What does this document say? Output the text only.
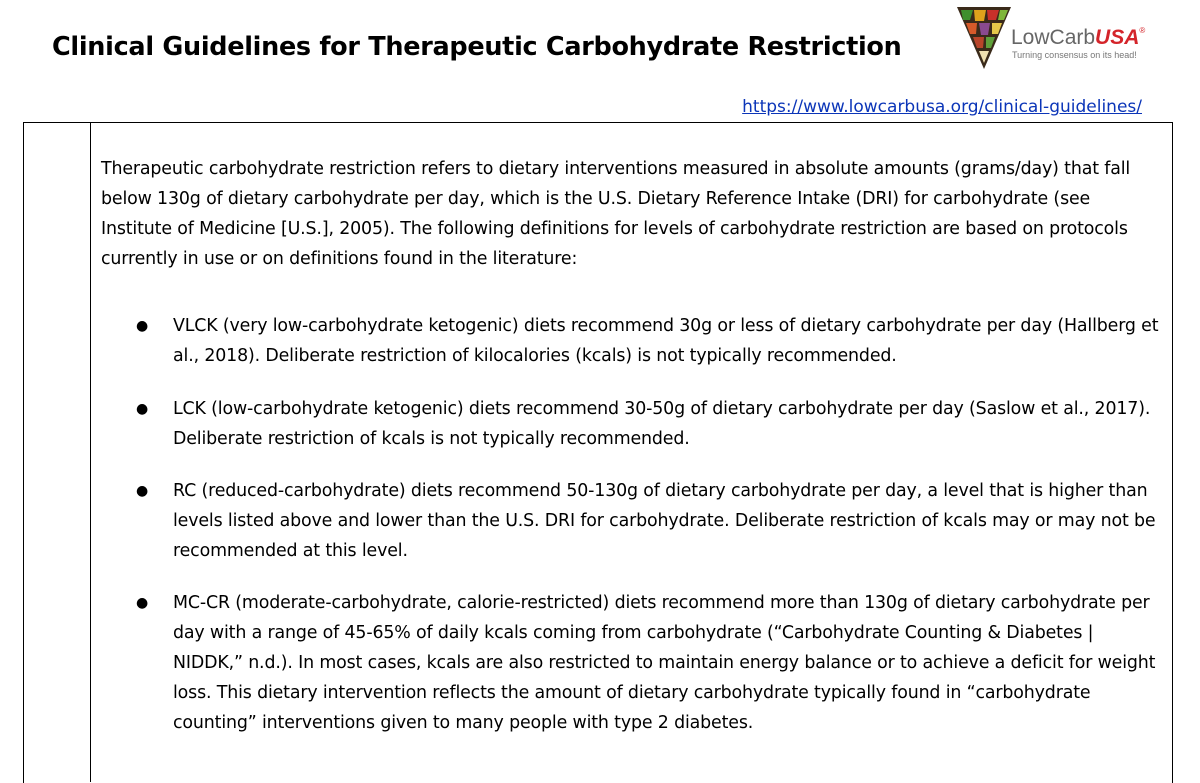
Clinical Guidelines for Therapeutic Carbohydrate Restriction	LowCarbUSA®
Turning consensus on its head!
https://www.lowcarbusa.org/clinical-guidelines/

Therapeutic carbohydrate restriction refers to dietary interventions measured in absolute amounts (grams/day) that fall below 130g of dietary carbohydrate per day, which is the U.S. Dietary Reference Intake (DRI) for carbohydrate (see Institute of Medicine [U.S.], 2005). The following definitions for levels of carbohydrate restriction are based on protocols currently in use or on definitions found in the literature:

● VLCK (very low-carbohydrate ketogenic) diets recommend 30g or less of dietary carbohydrate per day (Hallberg et al., 2018). Deliberate restriction of kilocalories (kcals) is not typically recommended.
● LCK (low-carbohydrate ketogenic) diets recommend 30-50g of dietary carbohydrate per day (Saslow et al., 2017). Deliberate restriction of kcals is not typically recommended.
● RC (reduced-carbohydrate) diets recommend 50-130g of dietary carbohydrate per day, a level that is higher than levels listed above and lower than the U.S. DRI for carbohydrate. Deliberate restriction of kcals may or may not be recommended at this level.
● MC-CR (moderate-carbohydrate, calorie-restricted) diets recommend more than 130g of dietary carbohydrate per day with a range of 45-65% of daily kcals coming from carbohydrate (“Carbohydrate Counting & Diabetes | NIDDK,” n.d.). In most cases, kcals are also restricted to maintain energy balance or to achieve a deficit for weight loss. This dietary intervention reflects the amount of dietary carbohydrate typically found in “carbohydrate counting” interventions given to many people with type 2 diabetes.
